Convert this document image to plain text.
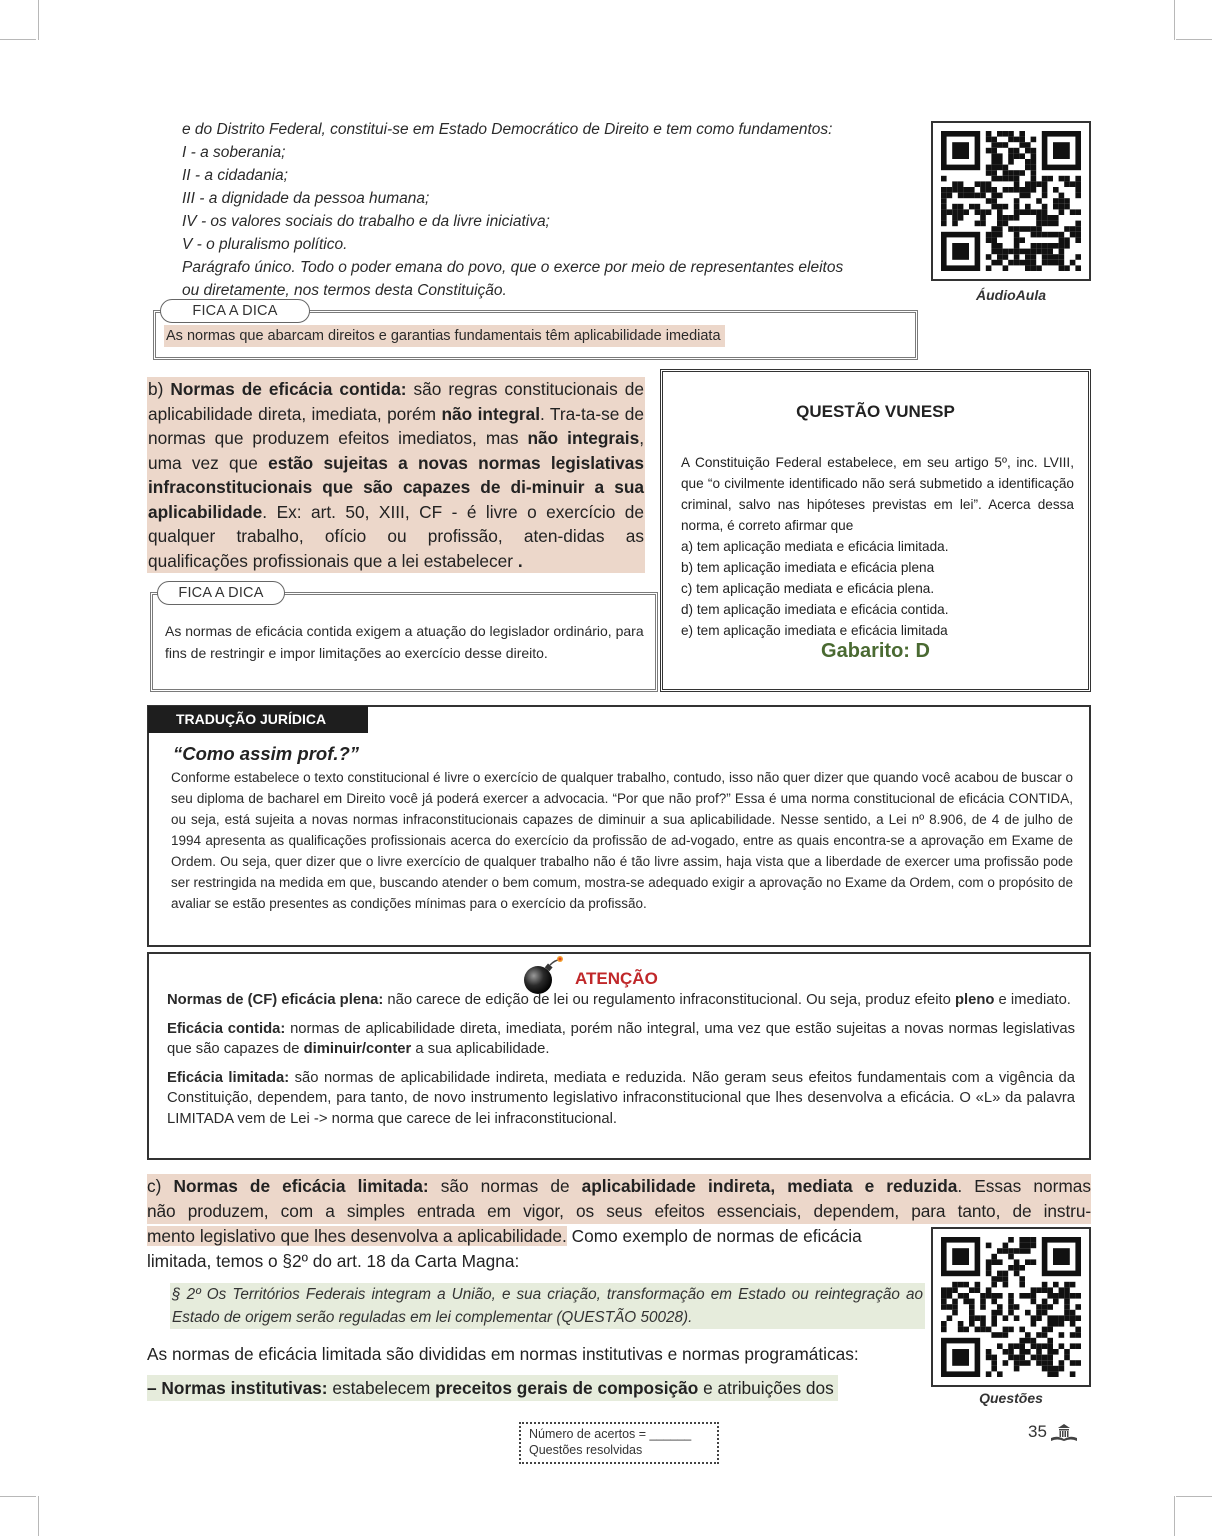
e do Distrito Federal, constitui-se em Estado Democrático de Direito e tem como fundamentos:
I - a soberania;
II - a cidadania;
III - a dignidade da pessoa humana;
IV - os valores sociais do trabalho e da livre iniciativa;
V - o pluralismo político.
Parágrafo único. Todo o poder emana do povo, que o exerce por meio de representantes eleitos
ou diretamente, nos termos desta Constituição.	ÁudioAula
FICA A DICA
As normas que abarcam direitos e garantias fundamentais têm aplicabilidade imediata
b) Normas de eficácia contida: são regras constitucionais de aplicabilidade direta, imediata, porém não integral. Tra-ta-se de normas que produzem efeitos imediatos, mas não integrais, uma vez que estão sujeitas a novas normas legislativas infraconstitucionais que são capazes de di-minuir a sua aplicabilidade. Ex: art. 50, XIII, CF - é livre o exercício de qualquer trabalho, ofício ou profissão, aten-didas as qualificações profissionais que a lei estabelecer .
FICA A DICA
As normas de eficácia contida exigem a atuação do legislador ordinário, para fins de restringir e impor limitações ao exercício desse direito.
QUESTÃO VUNESP
A Constituição Federal estabelece, em seu artigo 5º, inc. LVIII, que “o civilmente identificado não será submetido a identificação criminal, salvo nas hipóteses previstas em lei”. Acerca dessa norma, é correto afirmar que
a) tem aplicação mediata e eficácia limitada.
b) tem aplicação imediata e eficácia plena
c) tem aplicação mediata e eficácia plena.
d) tem aplicação imediata e eficácia contida.
e) tem aplicação imediata e eficácia limitada
Gabarito: D
TRADUÇÃO JURÍDICA
“Como assim prof.?”
Conforme estabelece o texto constitucional é livre o exercício de qualquer trabalho, contudo, isso não quer dizer que quando você acabou de buscar o seu diploma de bacharel em Direito você já poderá exercer a advocacia. “Por que não prof?” Essa é uma norma constitucional de eficácia CONTIDA, ou seja, está sujeita a novas normas infraconstitucionais capazes de diminuir a sua aplicabilidade. Nesse sentido, a Lei nº 8.906, de 4 de julho de 1994 apresenta as qualificações profissionais acerca do exercício da profissão de ad-vogado, entre as quais encontra-se a aprovação em Exame de Ordem. Ou seja, quer dizer que o livre exercício de qualquer trabalho não é tão livre assim, haja vista que a liberdade de exercer uma profissão pode ser restringida na medida em que, buscando atender o bem comum, mostra-se adequado exigir a aprovação no Exame da Ordem, com o propósito de avaliar se estão presentes as condições mínimas para o exercício da profissão.
ATENÇÃO

Normas de (CF) eficácia plena: não carece de edição de lei ou regulamento infraconstitucional. Ou seja, produz efeito pleno e imediato.

Eficácia contida: normas de aplicabilidade direta, imediata, porém não integral, uma vez que estão sujeitas a novas normas legislativas que são capazes de diminuir/conter a sua aplicabilidade.

Eficácia limitada: são normas de aplicabilidade indireta, mediata e reduzida. Não geram seus efeitos fundamentais com a vigência da Constituição, dependem, para tanto, de novo instrumento legislativo infraconstitucional que lhes desenvolva a eficácia. O «L» da palavra LIMITADA vem de Lei -> norma que carece de lei infraconstitucional.

c) Normas de eficácia limitada: são normas de aplicabilidade indireta, mediata e reduzida. Essas normas
não produzem, com a simples entrada em vigor, os seus efeitos essenciais, dependem, para tanto, de instru-
mento legislativo que lhes desenvolva a aplicabilidade. Como exemplo de normas de eficácia
limitada, temos o §2º do art. 18 da Carta Magna:
§ 2º Os Territórios Federais integram a União, e sua criação, transformação em Estado ou reintegração ao Estado de origem serão reguladas em lei complementar (QUESTÃO 50028).
As normas de eficácia limitada são divididas em normas institutivas e normas programáticas:
– Normas institutivas: estabelecem preceitos gerais de composição e atribuições dos	Questões
Número de acertos = ______
Questões resolvidas
35
